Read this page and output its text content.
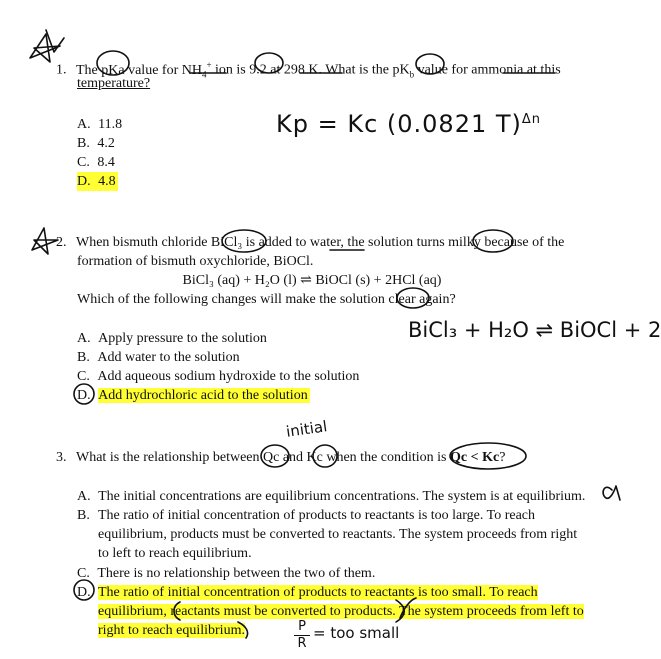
1. The pKa value for $NH_4^+$ ion is 9.2 at 298 K. What is the $pK_b$ value for ammonia at this
temperature?
A. 11.8
B. 4.2
C. 8.4
D. 4.8
Kp = Kc (0.0821 T)$^{\Delta n}$
2. When bismuth chloride BiCl₃ is added to water, the solution turns milky because of the
formation of bismuth oxychloride, BiOCl.
BiCl₃ (aq) + H₂O (l) ⇌ BiOCl (s) + 2HCl (aq)
Which of the following changes will make the solution clear again?
A. Apply pressure to the solution
B. Add water to the solution
C. Add aqueous sodium hydroxide to the solution
D. Add hydrochloric acid to the solution
BiCl₃ + H₂O ⇌ BiOCl + 2
initial
3. What is the relationship between Qc and Kc when the condition is Qc < Kc?
A. The initial concentrations are equilibrium concentrations. The system is at equilibrium.
B. The ratio of initial concentration of products to reactants is too large. To reach
equilibrium, products must be converted to reactants. The system proceeds from right
to left to reach equilibrium.
C. There is no relationship between the two of them.
D. The ratio of initial concentration of products to reactants is too small. To reach
equilibrium, reactants must be converted to products. The system proceeds from left to
right to reach equilibrium.	P
R
= too small
